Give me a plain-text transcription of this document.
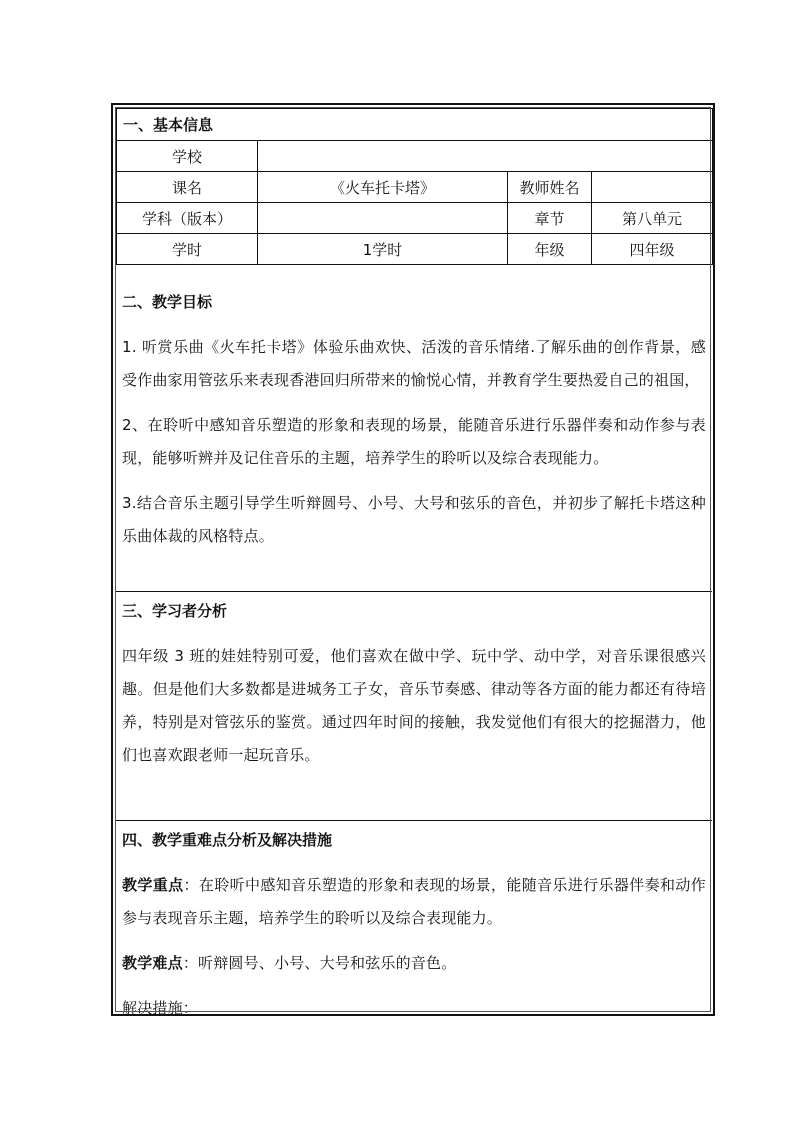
一、基本信息			
学校			
课名	《火车托卡塔》	教师姓名	
学科（版本）		章节	第八单元
学时	1学时	年级	四年级
二、教学目标

1. 听赏乐曲《火车托卡塔》体验乐曲欢快、活泼的音乐情绪.了解乐曲的创作背景，感受作曲家用管弦乐来表现香港回归所带来的愉悦心情，并教育学生要热爱自己的祖国，

2、在聆听中感知音乐塑造的形象和表现的场景，能随音乐进行乐器伴奏和动作参与表现，能够听辨并及记住音乐的主题，培养学生的聆听以及综合表现能力。

3.结合音乐主题引导学生听辩圆号、小号、大号和弦乐的音色，并初步了解托卡塔这种乐曲体裁的风格特点。

三、学习者分析

四年级 3 班的娃娃特别可爱，他们喜欢在做中学、玩中学、动中学，对音乐课很感兴趣。但是他们大多数都是进城务工子女，音乐节奏感、律动等各方面的能力都还有待培养，特别是对管弦乐的鉴赏。通过四年时间的接触，我发觉他们有很大的挖掘潜力，他们也喜欢跟老师一起玩音乐。

四、教学重难点分析及解决措施

教学重点：在聆听中感知音乐塑造的形象和表现的场景，能随音乐进行乐器伴奏和动作参与表现音乐主题，培养学生的聆听以及综合表现能力。

教学难点：听辩圆号、小号、大号和弦乐的音色。

解决措施：
